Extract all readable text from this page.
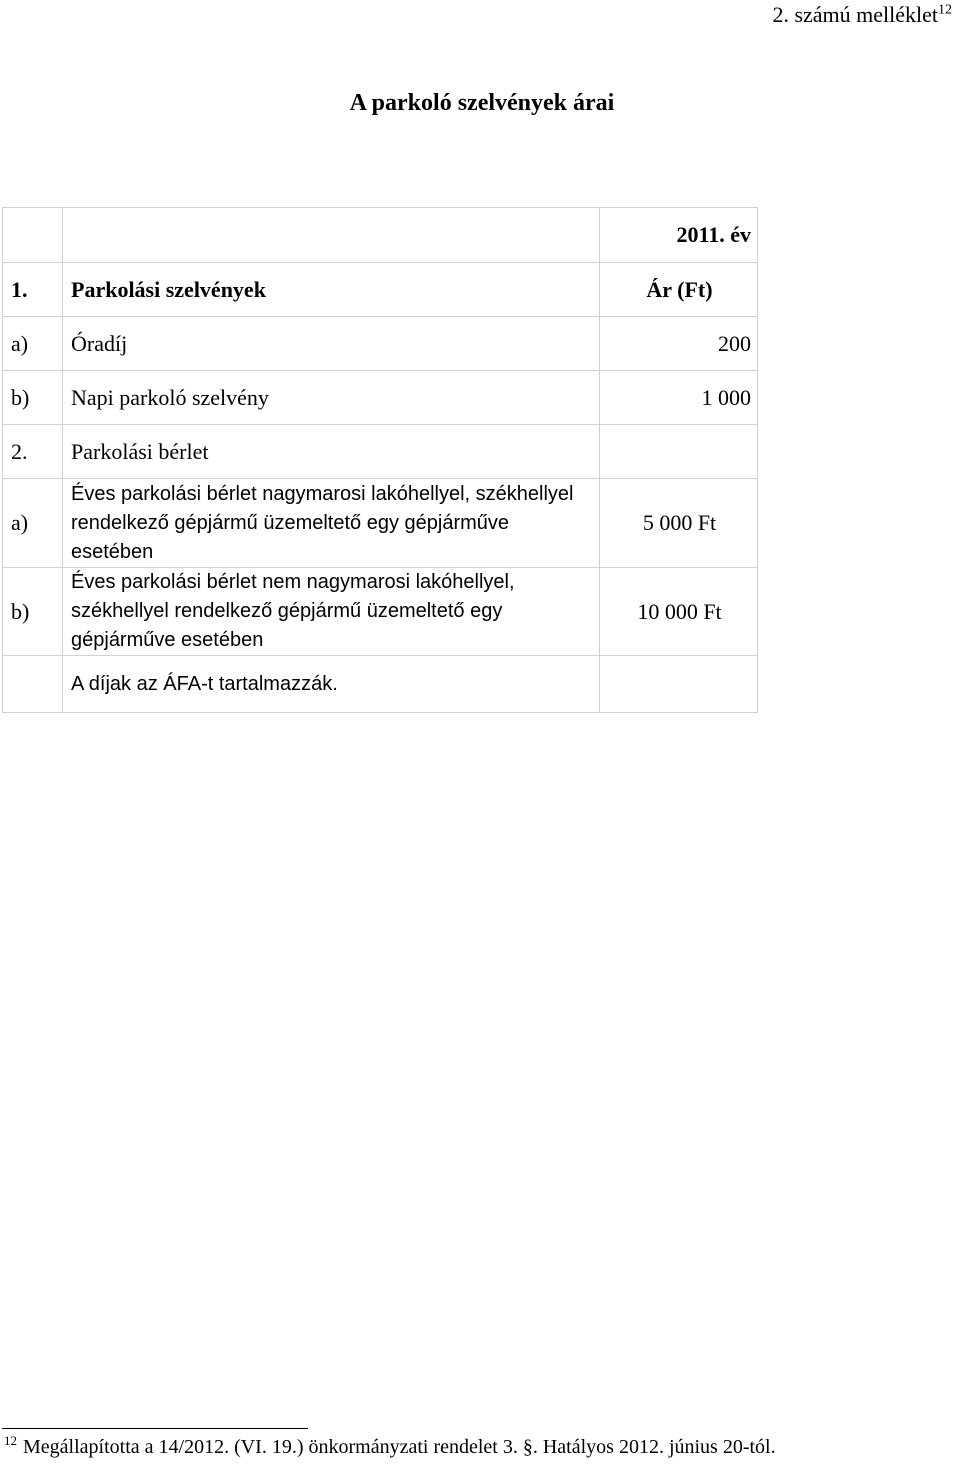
2. számú melléklet$^{12}$
A parkoló szelvények árai
		2011. év
1.	Parkolási szelvények	Ár (Ft)
a)	Óradíj	200
b)	Napi parkoló szelvény	1 000
2.	Parkolási bérlet	
a)	Éves parkolási bérlet nagymarosi lakóhellyel, székhellyel rendelkező gépjármű üzemeltető egy gépjárműve esetében	5 000 Ft
b)	Éves parkolási bérlet nem nagymarosi lakóhellyel, székhellyel rendelkező gépjármű üzemeltető egy gépjárműve esetében	10 000 Ft
	A díjak az ÁFA-t tartalmazzák.	
$^{12}$ Megállapította a 14/2012. (VI. 19.) önkormányzati rendelet 3. §. Hatályos 2012. június 20-tól.
